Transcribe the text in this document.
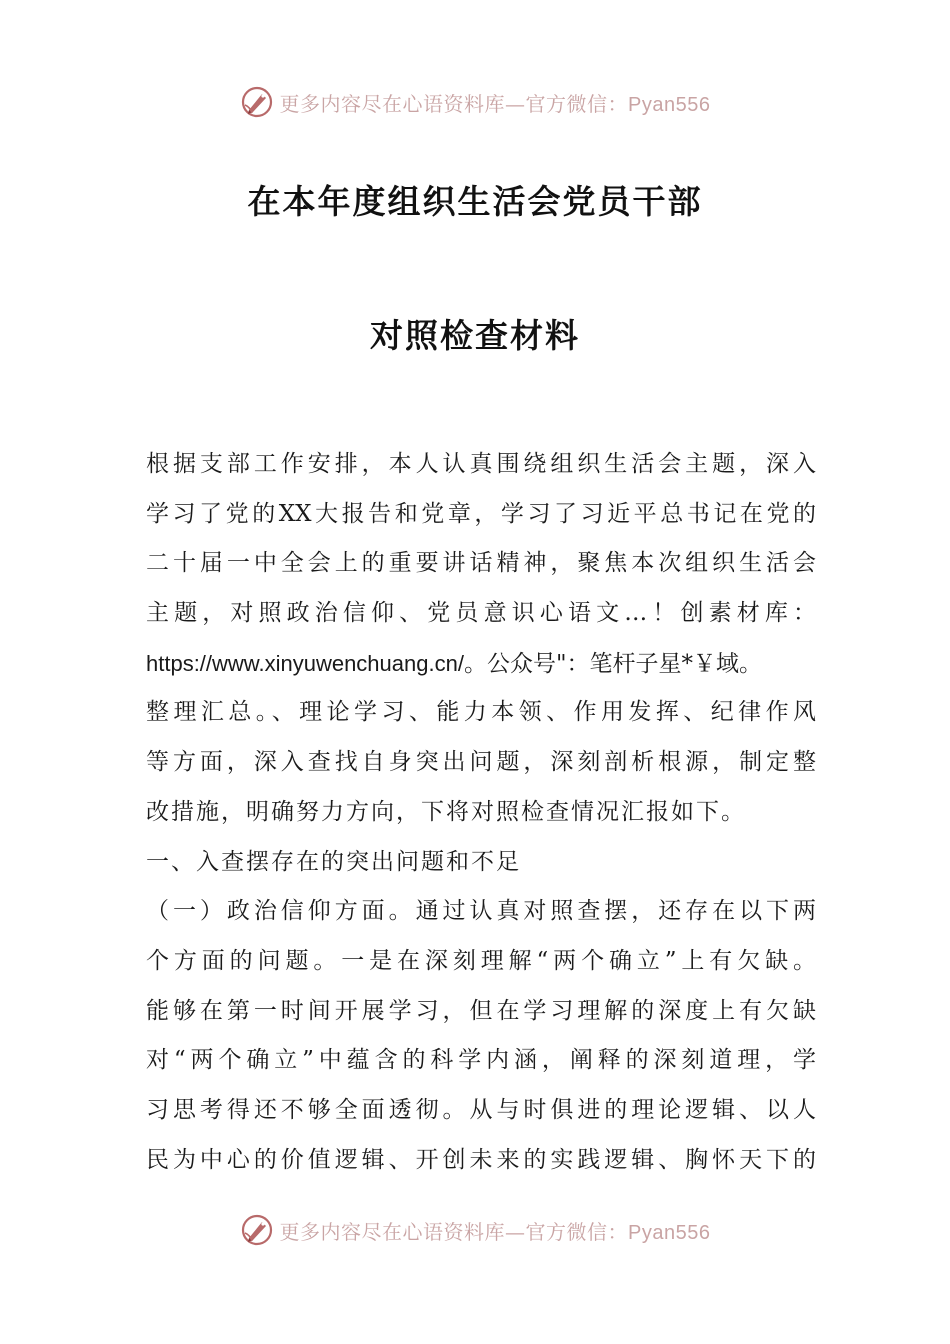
更多内容尽在心语资料库—官方微信：Pyan556
在本年度组织生活会党员干部
对照检查材料
根据支部工作安排，本人认真围绕组织生活会主题，深入
学习了党的XX大报告和党章，学习了习近平总书记在党的
二十届一中全会上的重要讲话精神，聚焦本次组织生活会
主题，对照政治信仰、党员意识心语文…！创素材库：
https://www.xinyuwenchuang.cn/。公众号"：笔杆子星*￥域。
整理汇总。、理论学习、能力本领、作用发挥、纪律作风
等方面，深入查找自身突出问题，深刻剖析根源，制定整
改措施，明确努力方向，下将对照检查情况汇报如下。
一、入查摆存在的突出问题和不足
（一）政治信仰方面。通过认真对照查摆，还存在以下两
个方面的问题。一是在深刻理解“两个确立”上有欠缺。
能够在第一时间开展学习，但在学习理解的深度上有欠缺
对“两个确立”中蕴含的科学内涵，阐释的深刻道理，学
习思考得还不够全面透彻。从与时俱进的理论逻辑、以人
民为中心的价值逻辑、开创未来的实践逻辑、胸怀天下的
更多内容尽在心语资料库—官方微信：Pyan556
